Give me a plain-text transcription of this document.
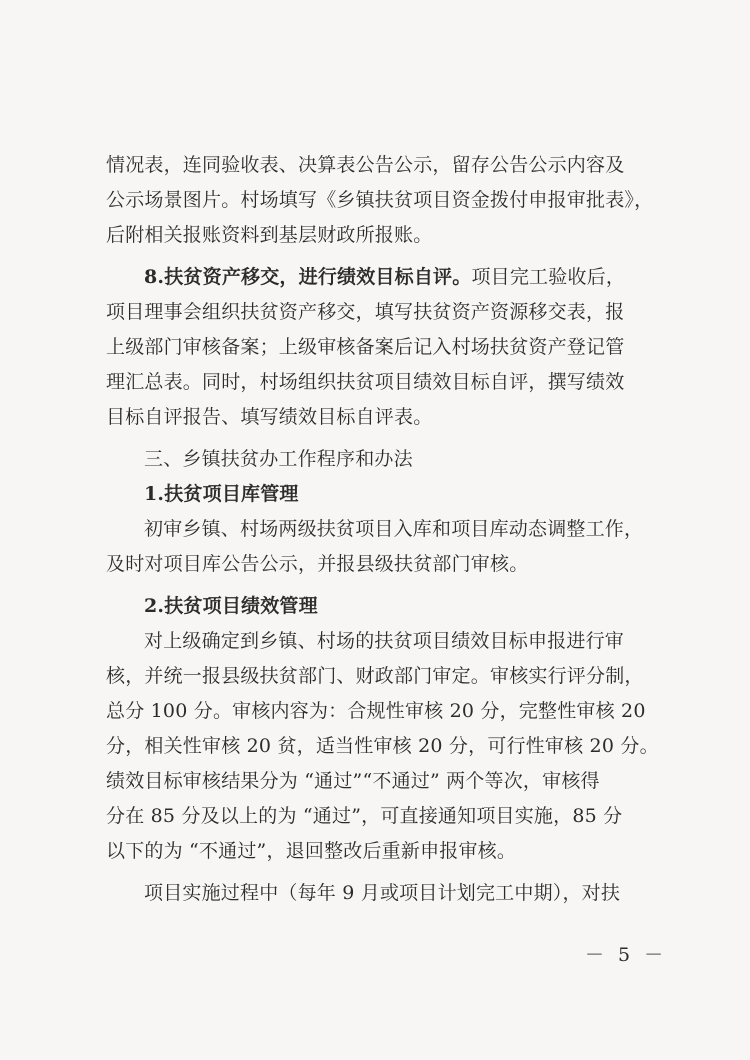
情况表，连同验收表、决算表公告公示，留存公告公示内容及
公示场景图片。村场填写《乡镇扶贫项目资金拨付申报审批表》，
后附相关报账资料到基层财政所报账。
8.扶贫资产移交，进行绩效目标自评。项目完工验收后，
项目理事会组织扶贫资产移交，填写扶贫资产资源移交表，报
上级部门审核备案；上级审核备案后记入村场扶贫资产登记管
理汇总表。同时，村场组织扶贫项目绩效目标自评，撰写绩效
目标自评报告、填写绩效目标自评表。
三、乡镇扶贫办工作程序和办法
1.扶贫项目库管理
初审乡镇、村场两级扶贫项目入库和项目库动态调整工作，
及时对项目库公告公示，并报县级扶贫部门审核。
2.扶贫项目绩效管理
对上级确定到乡镇、村场的扶贫项目绩效目标申报进行审
核，并统一报县级扶贫部门、财政部门审定。审核实行评分制，
总分 100 分。审核内容为：合规性审核 20 分，完整性审核 20
分，相关性审核 20 贫，适当性审核 20 分，可行性审核 20 分。
绩效目标审核结果分为 “通过”“不通过” 两个等次，审核得
分在 85 分及以上的为 “通过”，可直接通知项目实施，85 分
以下的为 “不通过”，退回整改后重新申报审核。
项目实施过程中（每年 9 月或项目计划完工中期），对扶
－ 5 －
